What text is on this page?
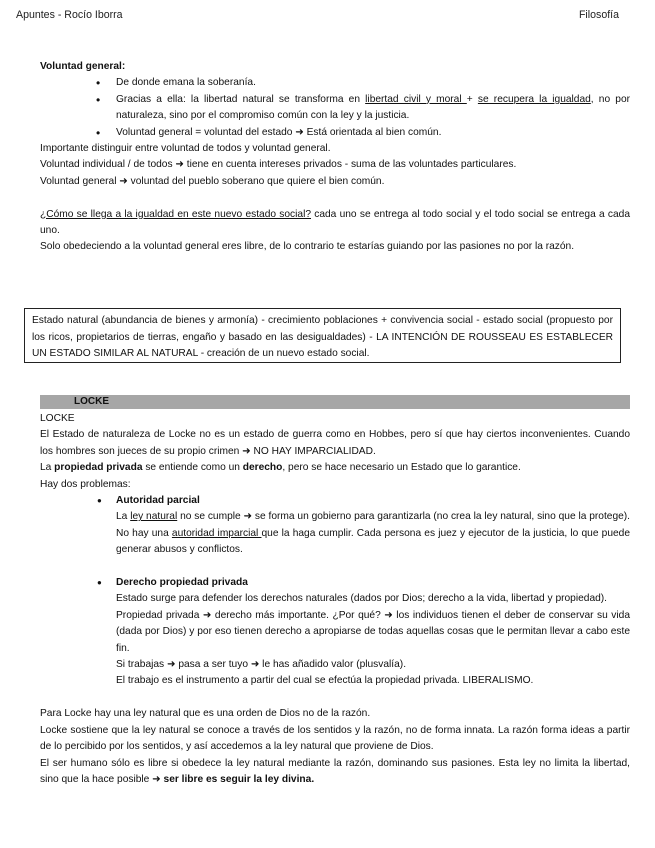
Apuntes - Rocío Iborra	Filosofía

Voluntad general:

• De donde emana la soberanía.
• Gracias a ella: la libertad natural se transforma en libertad civil y moral + se recupera la igualdad, no por naturaleza, sino por el compromiso común con la ley y la justicia.
• Voluntad general = voluntad del estado ➜ Está orientada al bien común.

Importante distinguir entre voluntad de todos y voluntad general.

Voluntad individual / de todos ➜ tiene en cuenta intereses privados - suma de las voluntades particulares.

Voluntad general ➜ voluntad del pueblo soberano que quiere el bien común.

¿Cómo se llega a la igualdad en este nuevo estado social? cada uno se entrega al todo social y el todo social se entrega a cada uno.

Solo obedeciendo a la voluntad general eres libre, de lo contrario te estarías guiando por las pasiones no por la razón.

Estado natural (abundancia de bienes y armonía) - crecimiento poblaciones + convivencia social - estado social (propuesto por los ricos, propietarios de tierras, engaño y basado en las desigualdades) - LA INTENCIÓN DE ROUSSEAU ES ESTABLECER UN ESTADO SIMILAR AL NATURAL - creación de un nuevo estado social.

LOCKE

LOCKE

El Estado de naturaleza de Locke no es un estado de guerra como en Hobbes, pero sí que hay ciertos inconvenientes. Cuando los hombres son jueces de su propio crimen ➜ NO HAY IMPARCIALIDAD.

La propiedad privada se entiende como un derecho, pero se hace necesario un Estado que lo garantice.

Hay dos problemas:

● Autoridad parcial
La ley natural no se cumple ➜ se forma un gobierno para garantizarla (no crea la ley natural, sino que la protege). No hay una autoridad imparcial que la haga cumplir. Cada persona es juez y ejecutor de la justicia, lo que puede generar abusos y conflictos.
● Derecho propiedad privada
Estado surge para defender los derechos naturales (dados por Dios; derecho a la vida, libertad y propiedad).
Propiedad privada ➜ derecho más importante. ¿Por qué? ➜ los individuos tienen el deber de conservar su vida (dada por Dios) y por eso tienen derecho a apropiarse de todas aquellas cosas que le permitan llevar a cabo este fin.
Si trabajas ➜ pasa a ser tuyo ➜ le has añadido valor (plusvalía).
El trabajo es el instrumento a partir del cual se efectúa la propiedad privada. LIBERALISMO.

Para Locke hay una ley natural que es una orden de Dios no de la razón.

Locke sostiene que la ley natural se conoce a través de los sentidos y la razón, no de forma innata. La razón forma ideas a partir de lo percibido por los sentidos, y así accedemos a la ley natural que proviene de Dios.

El ser humano sólo es libre si obedece la ley natural mediante la razón, dominando sus pasiones. Esta ley no limita la libertad, sino que la hace posible ➜ ser libre es seguir la ley divina.
